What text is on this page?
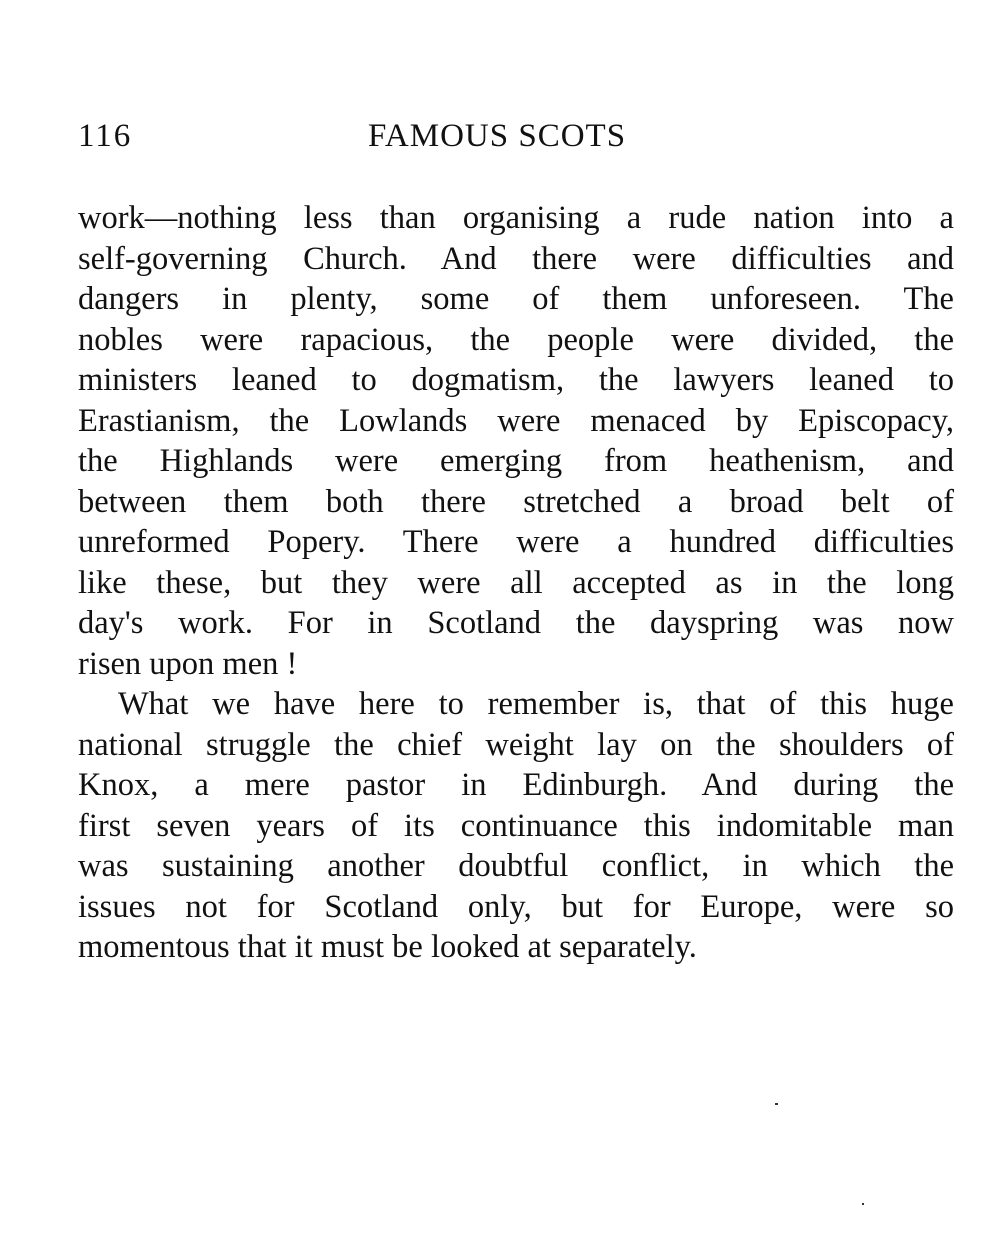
116	FAMOUS SCOTS
work—nothing less than organising a rude nation into a
self-governing Church. And there were difficulties and
dangers in plenty, some of them unforeseen. The
nobles were rapacious, the people were divided, the
ministers leaned to dogmatism, the lawyers leaned to
Erastianism, the Lowlands were menaced by Episcopacy,
the Highlands were emerging from heathenism, and
between them both there stretched a broad belt of
unreformed Popery. There were a hundred difficulties
like these, but they were all accepted as in the long
day's work. For in Scotland the dayspring was now
risen upon men !
What we have here to remember is, that of this huge
national struggle the chief weight lay on the shoulders of
Knox, a mere pastor in Edinburgh. And during the
first seven years of its continuance this indomitable man
was sustaining another doubtful conflict, in which the
issues not for Scotland only, but for Europe, were so
momentous that it must be looked at separately.
